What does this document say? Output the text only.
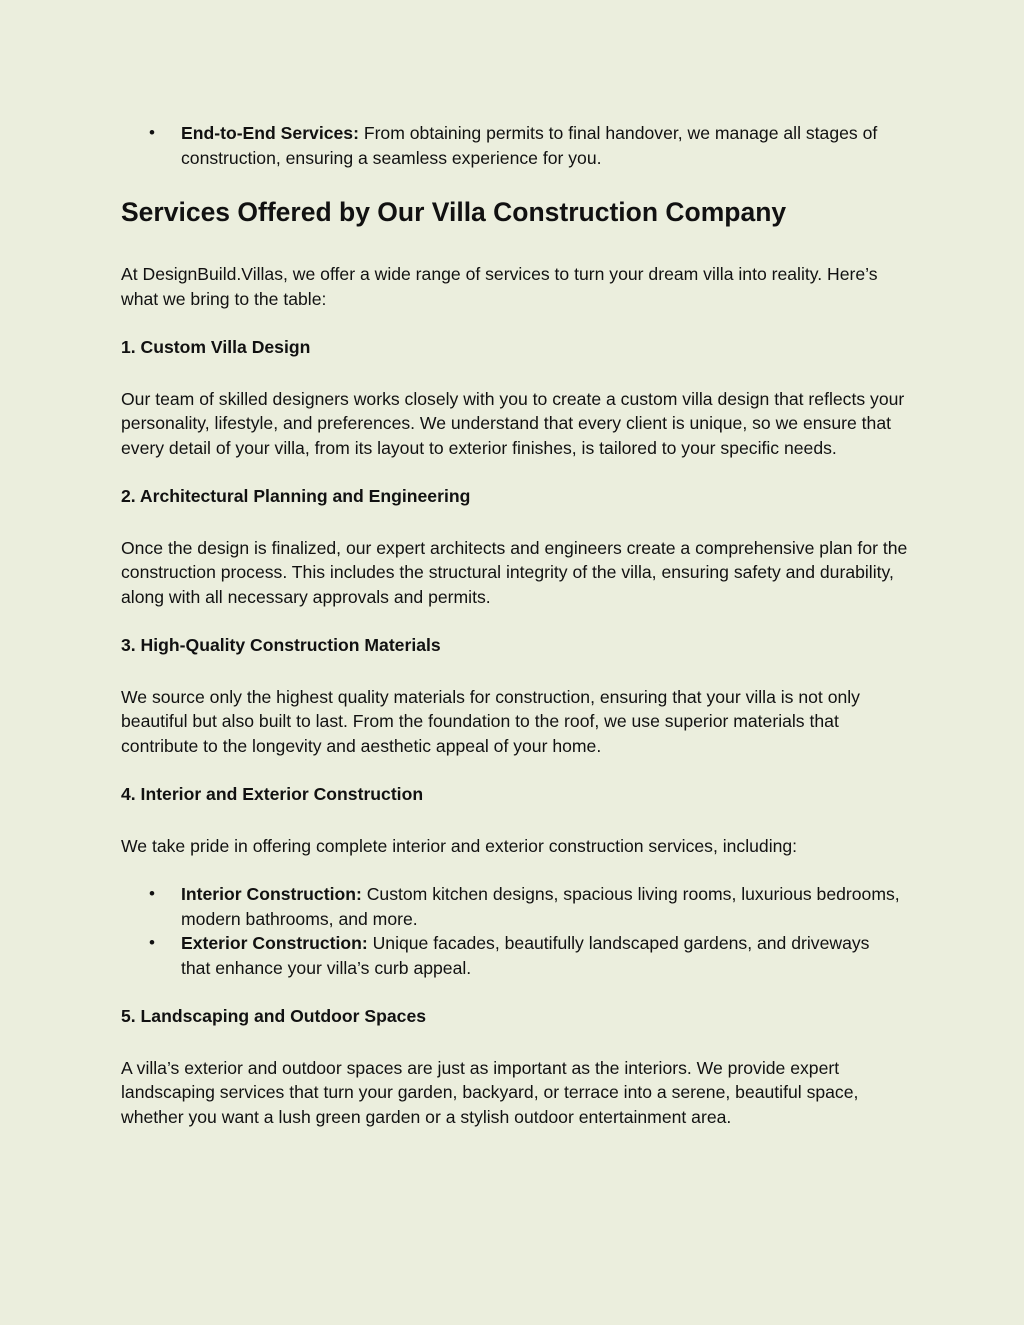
• End-to-End Services: From obtaining permits to final handover, we manage all stages of construction, ensuring a seamless experience for you.
Services Offered by Our Villa Construction Company

At DesignBuild.Villas, we offer a wide range of services to turn your dream villa into reality. Here’s what we bring to the table:

1. Custom Villa Design

Our team of skilled designers works closely with you to create a custom villa design that reflects your personality, lifestyle, and preferences. We understand that every client is unique, so we ensure that every detail of your villa, from its layout to exterior finishes, is tailored to your specific needs.

2. Architectural Planning and Engineering

Once the design is finalized, our expert architects and engineers create a comprehensive plan for the construction process. This includes the structural integrity of the villa, ensuring safety and durability, along with all necessary approvals and permits.

3. High-Quality Construction Materials

We source only the highest quality materials for construction, ensuring that your villa is not only beautiful but also built to last. From the foundation to the roof, we use superior materials that contribute to the longevity and aesthetic appeal of your home.

4. Interior and Exterior Construction

We take pride in offering complete interior and exterior construction services, including:

• Interior Construction: Custom kitchen designs, spacious living rooms, luxurious bedrooms, modern bathrooms, and more.
• Exterior Construction: Unique facades, beautifully landscaped gardens, and driveways that enhance your villa’s curb appeal.
5. Landscaping and Outdoor Spaces

A villa’s exterior and outdoor spaces are just as important as the interiors. We provide expert landscaping services that turn your garden, backyard, or terrace into a serene, beautiful space, whether you want a lush green garden or a stylish outdoor entertainment area.
